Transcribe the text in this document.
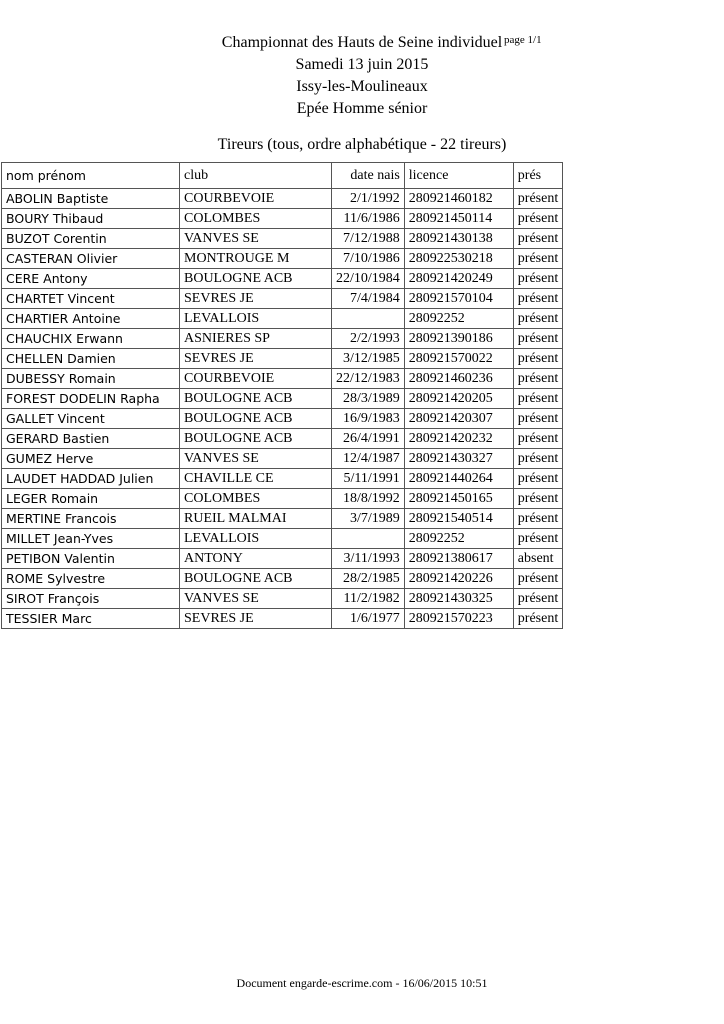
page 1/1
Championnat des Hauts de Seine individuel
Samedi 13 juin 2015
Issy-les-Moulineaux
Epée Homme sénior
Tireurs (tous, ordre alphabétique - 22 tireurs)
nom prénom	club	date nais	licence	prés
ABOLIN Baptiste	COURBEVOIE	2/1/1992	280921460182	présent
BOURY Thibaud	COLOMBES	11/6/1986	280921450114	présent
BUZOT Corentin	VANVES SE	7/12/1988	280921430138	présent
CASTERAN Olivier	MONTROUGE M	7/10/1986	280922530218	présent
CERE Antony	BOULOGNE ACB	22/10/1984	280921420249	présent
CHARTET Vincent	SEVRES JE	7/4/1984	280921570104	présent
CHARTIER Antoine	LEVALLOIS		28092252	présent
CHAUCHIX Erwann	ASNIERES SP	2/2/1993	280921390186	présent
CHELLEN Damien	SEVRES JE	3/12/1985	280921570022	présent
DUBESSY Romain	COURBEVOIE	22/12/1983	280921460236	présent
FOREST DODELIN Rapha	BOULOGNE ACB	28/3/1989	280921420205	présent
GALLET Vincent	BOULOGNE ACB	16/9/1983	280921420307	présent
GERARD Bastien	BOULOGNE ACB	26/4/1991	280921420232	présent
GUMEZ Herve	VANVES SE	12/4/1987	280921430327	présent
LAUDET HADDAD Julien	CHAVILLE CE	5/11/1991	280921440264	présent
LEGER Romain	COLOMBES	18/8/1992	280921450165	présent
MERTINE Francois	RUEIL MALMAI	3/7/1989	280921540514	présent
MILLET Jean-Yves	LEVALLOIS		28092252	présent
PETIBON Valentin	ANTONY	3/11/1993	280921380617	absent
ROME Sylvestre	BOULOGNE ACB	28/2/1985	280921420226	présent
SIROT François	VANVES SE	11/2/1982	280921430325	présent
TESSIER Marc	SEVRES JE	1/6/1977	280921570223	présent
Document engarde-escrime.com - 16/06/2015 10:51
